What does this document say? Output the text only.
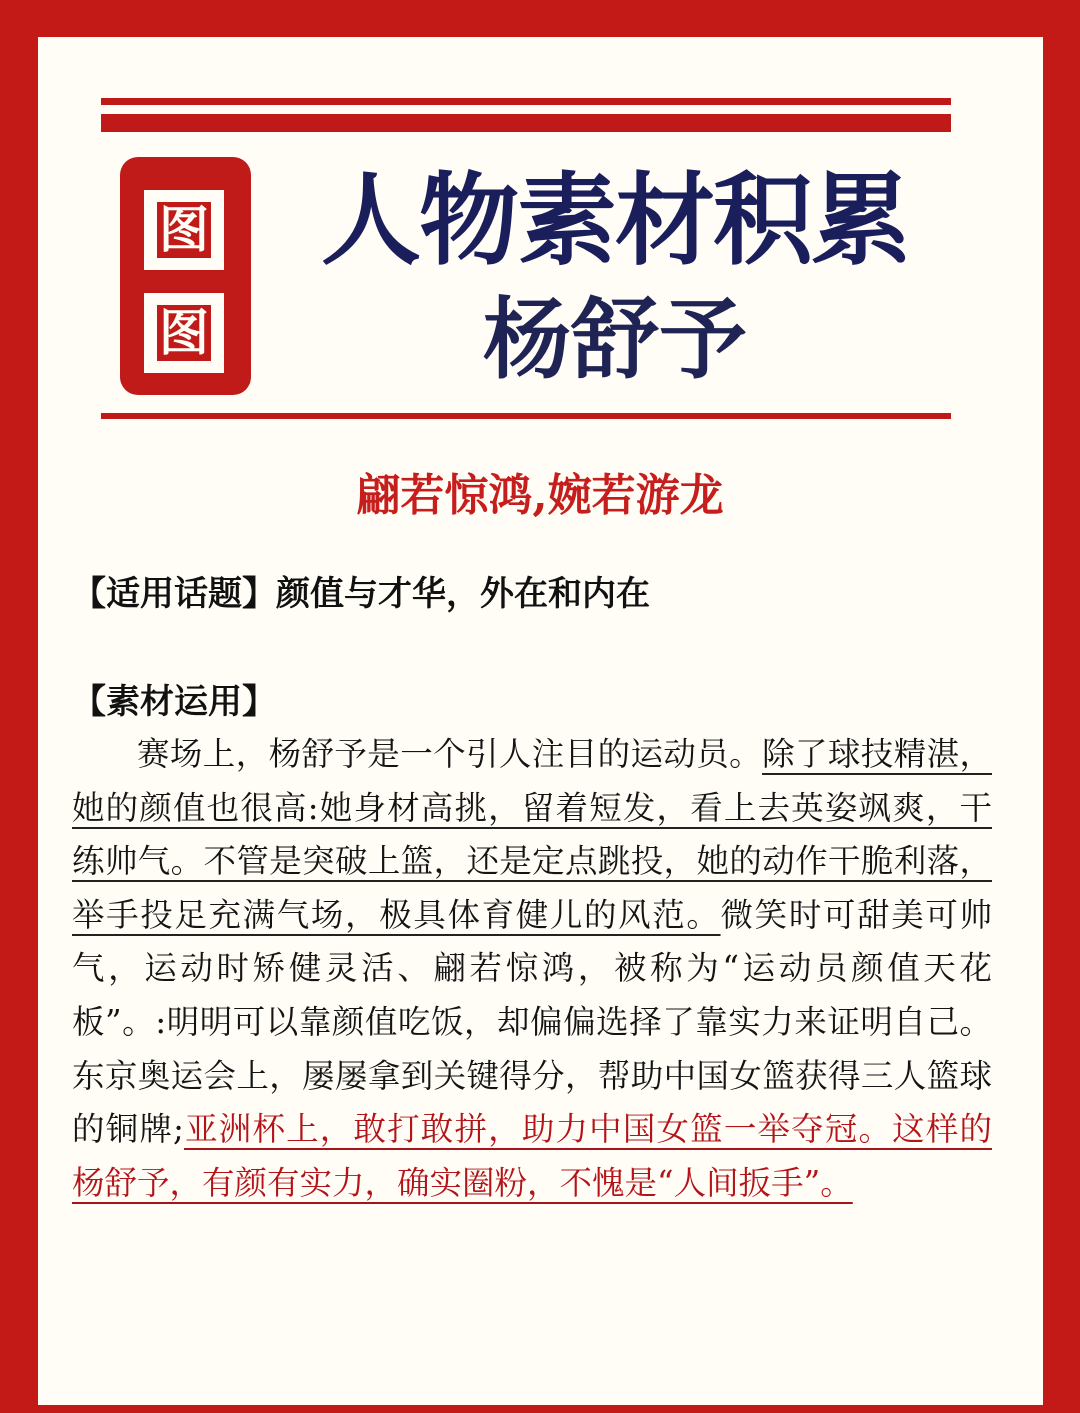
图
图
人物素材积累
杨舒予
翩若惊鸿,婉若游龙
【适用话题】颜值与才华，外在和内在
【素材运用】
赛场上，杨舒予是一个引人注目的运动员。除了球技精湛，她的颜值也很高:她身材高挑，留着短发，看上去英姿飒爽，干练帅气。不管是突破上篮，还是定点跳投，她的动作干脆利落，举手投足充满气场，极具体育健儿的风范。微笑时可甜美可帅气，运动时矫健灵活、翩若惊鸿，被称为“运动员颜值天花板”。:明明可以靠颜值吃饭，却偏偏选择了靠实力来证明自己。东京奥运会上，屡屡拿到关键得分，帮助中国女篮获得三人篮球的铜牌;亚洲杯上，敢打敢拼，助力中国女篮一举夺冠。这样的杨舒予，有颜有实力，确实圈粉，不愧是“人间扳手”。
